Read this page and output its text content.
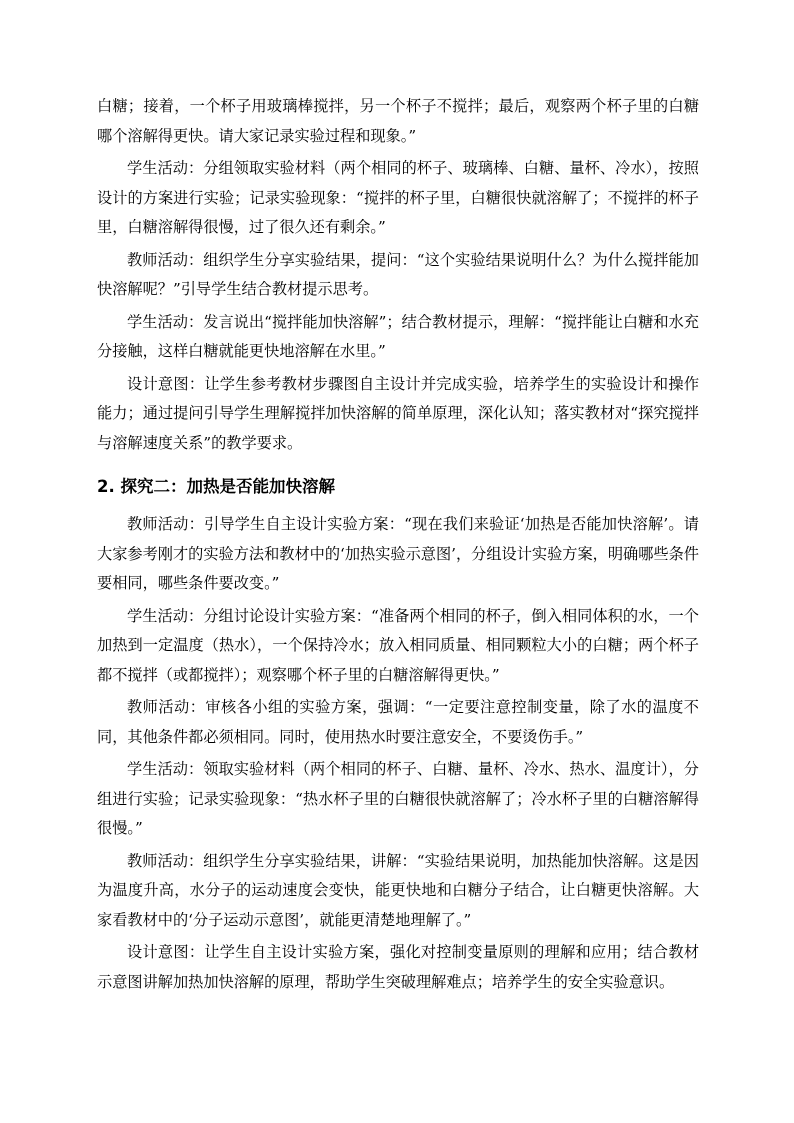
白糖；接着，一个杯子用玻璃棒搅拌，另一个杯子不搅拌；最后，观察两个杯子里的白糖哪个溶解得更快。请大家记录实验过程和现象。”

学生活动：分组领取实验材料（两个相同的杯子、玻璃棒、白糖、量杯、冷水），按照设计的方案进行实验；记录实验现象：“搅拌的杯子里，白糖很快就溶解了；不搅拌的杯子里，白糖溶解得很慢，过了很久还有剩余。”

教师活动：组织学生分享实验结果，提问：“这个实验结果说明什么？为什么搅拌能加快溶解呢？”引导学生结合教材提示思考。

学生活动：发言说出“搅拌能加快溶解”；结合教材提示，理解：“搅拌能让白糖和水充分接触，这样白糖就能更快地溶解在水里。”

设计意图：让学生参考教材步骤图自主设计并完成实验，培养学生的实验设计和操作能力；通过提问引导学生理解搅拌加快溶解的简单原理，深化认知；落实教材对“探究搅拌与溶解速度关系”的教学要求。

2. 探究二：加热是否能加快溶解

教师活动：引导学生自主设计实验方案：“现在我们来验证‘加热是否能加快溶解’。请大家参考刚才的实验方法和教材中的‘加热实验示意图’，分组设计实验方案，明确哪些条件要相同，哪些条件要改变。”

学生活动：分组讨论设计实验方案：“准备两个相同的杯子，倒入相同体积的水，一个加热到一定温度（热水），一个保持冷水；放入相同质量、相同颗粒大小的白糖；两个杯子都不搅拌（或都搅拌）；观察哪个杯子里的白糖溶解得更快。”

教师活动：审核各小组的实验方案，强调：“一定要注意控制变量，除了水的温度不同，其他条件都必须相同。同时，使用热水时要注意安全，不要烫伤手。”

学生活动：领取实验材料（两个相同的杯子、白糖、量杯、冷水、热水、温度计），分组进行实验；记录实验现象：“热水杯子里的白糖很快就溶解了；冷水杯子里的白糖溶解得很慢。”

教师活动：组织学生分享实验结果，讲解：“实验结果说明，加热能加快溶解。这是因为温度升高，水分子的运动速度会变快，能更快地和白糖分子结合，让白糖更快溶解。大家看教材中的‘分子运动示意图’，就能更清楚地理解了。”

设计意图：让学生自主设计实验方案，强化对控制变量原则的理解和应用；结合教材示意图讲解加热加快溶解的原理，帮助学生突破理解难点；培养学生的安全实验意识。
